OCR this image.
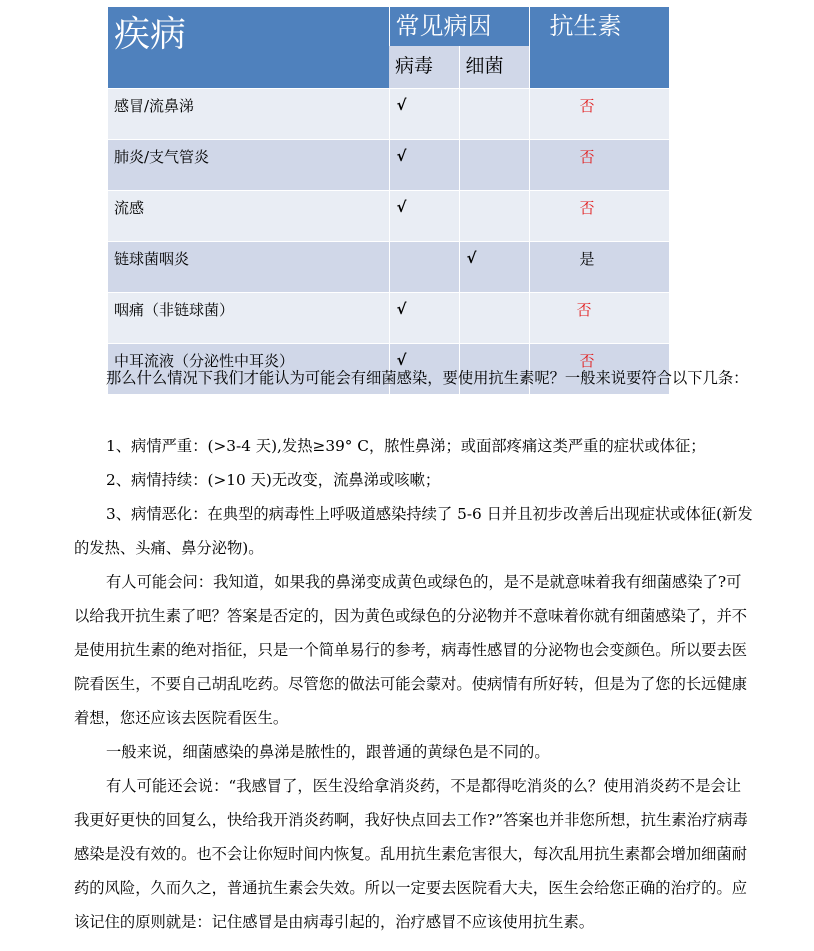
疾病	常见病因		抗生素

	病毒	细菌	

感冒/流鼻涕	√		否
肺炎/支气管炎	√		否
流感	√		否
链球菌咽炎		√	是
咽痛（非链球菌）	√		否
中耳流液（分泌性中耳炎）	√		否

那么什么情况下我们才能认为可能会有细菌感染，要使用抗生素呢？一般来说要符合以下几条：

1、病情严重：(>3-4 天),发热≥39° C，脓性鼻涕；或面部疼痛这类严重的症状或体征；

2、病情持续：(>10 天)无改变，流鼻涕或咳嗽；

3、病情恶化：在典型的病毒性上呼吸道感染持续了 5-6 日并且初步改善后出现症状或体征(新发的发热、头痛、鼻分泌物)。

有人可能会问：我知道，如果我的鼻涕变成黄色或绿色的，是不是就意味着我有细菌感染了?可以给我开抗生素了吧？答案是否定的，因为黄色或绿色的分泌物并不意味着你就有细菌感染了，并不是使用抗生素的绝对指征，只是一个简单易行的参考，病毒性感冒的分泌物也会变颜色。所以要去医院看医生，不要自己胡乱吃药。尽管您的做法可能会蒙对。使病情有所好转，但是为了您的长远健康着想，您还应该去医院看医生。

一般来说，细菌感染的鼻涕是脓性的，跟普通的黄绿色是不同的。

有人可能还会说：“我感冒了，医生没给拿消炎药，不是都得吃消炎的么？使用消炎药不是会让我更好更快的回复么，快给我开消炎药啊，我好快点回去工作?”答案也并非您所想，抗生素治疗病毒感染是没有效的。也不会让你短时间内恢复。乱用抗生素危害很大，每次乱用抗生素都会增加细菌耐药的风险，久而久之，普通抗生素会失效。所以一定要去医院看大夫，医生会给您正确的治疗的。应该记住的原则就是：记住感冒是由病毒引起的，治疗感冒不应该使用抗生素。
